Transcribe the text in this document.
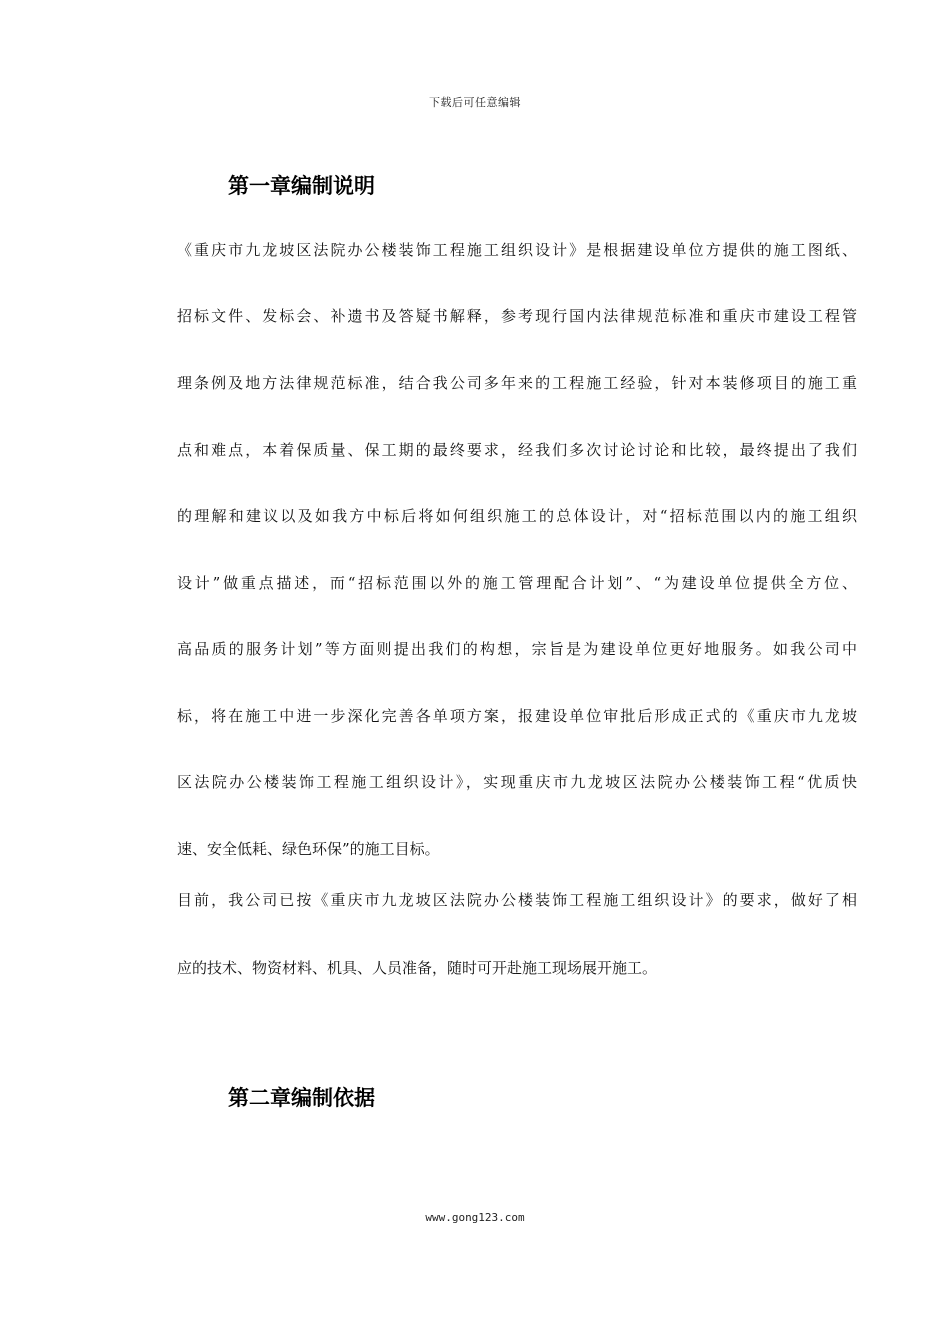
下载后可任意编辑
第一章编制说明
《重庆市九龙坡区法院办公楼装饰工程施工组织设计》是根据建设单位方提供的施工图纸、
招标文件、发标会、补遗书及答疑书解释，参考现行国内法律规范标准和重庆市建设工程管
理条例及地方法律规范标准，结合我公司多年来的工程施工经验，针对本装修项目的施工重
点和难点，本着保质量、保工期的最终要求，经我们多次讨论讨论和比较，最终提出了我们
的理解和建议以及如我方中标后将如何组织施工的总体设计，对“招标范围以内的施工组织
设计”做重点描述，而“招标范围以外的施工管理配合计划”、“为建设单位提供全方位、
高品质的服务计划”等方面则提出我们的构想，宗旨是为建设单位更好地服务。如我公司中
标，将在施工中进一步深化完善各单项方案，报建设单位审批后形成正式的《重庆市九龙坡
区法院办公楼装饰工程施工组织设计》，实现重庆市九龙坡区法院办公楼装饰工程“优质快
速、安全低耗、绿色环保”的施工目标。
目前，我公司已按《重庆市九龙坡区法院办公楼装饰工程施工组织设计》的要求，做好了相
应的技术、物资材料、机具、人员准备，随时可开赴施工现场展开施工。
第二章编制依据
www.gong123.com
